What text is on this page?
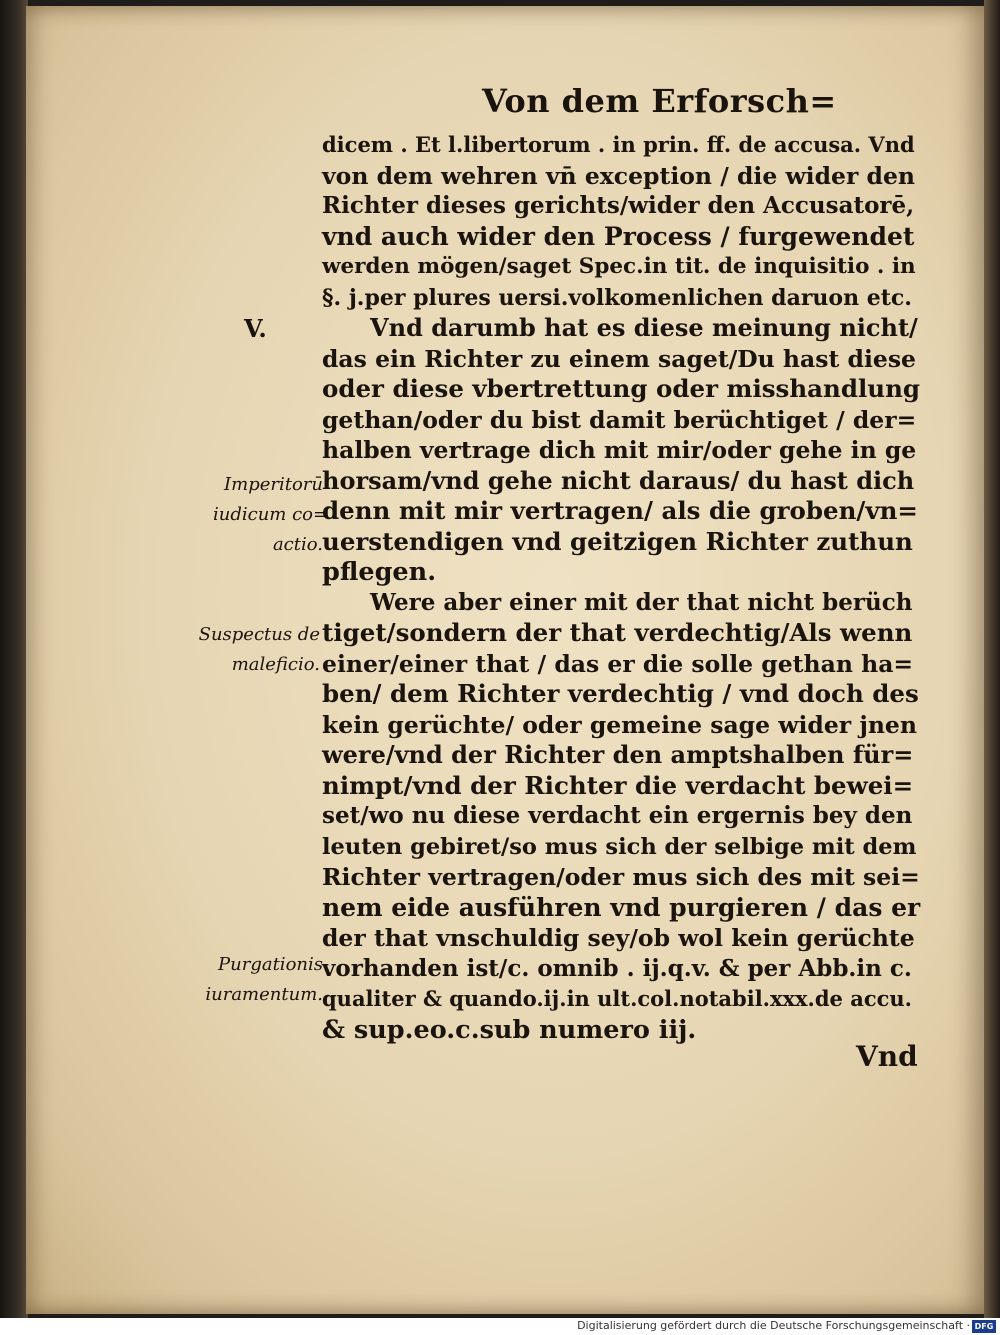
Von dem Erforsch=
dicem . Et l.libertorum . in prin. ff. de accusa. Vnd
von dem wehren vn̄ exception / die wider den
Richter dieses gerichts/wider den Accusatorē,
vnd auch wider den Process / furgewendet
werden mögen/saget Spec.in tit. de inquisitio . in
§. j.per plures uersi.volkomenlichen daruon etc.
Vnd darumb hat es diese meinung nicht/
das ein Richter zu einem saget/Du hast diese
oder diese vbertrettung oder misshandlung
gethan/oder du bist damit berüchtiget / der=
halben vertrage dich mit mir/oder gehe in ge
horsam/vnd gehe nicht daraus/ du hast dich
denn mit mir vertragen/ als die groben/vn=
uerstendigen vnd geitzigen Richter zuthun
pflegen.
Were aber einer mit der that nicht berüch
tiget/sondern der that verdechtig/Als wenn
einer/einer that / das er die solle gethan ha=
ben/ dem Richter verdechtig / vnd doch des
kein gerüchte/ oder gemeine sage wider jnen
were/vnd der Richter den amptshalben für=
nimpt/vnd der Richter die verdacht bewei=
set/wo nu diese verdacht ein ergernis bey den
leuten gebiret/so mus sich der selbige mit dem
Richter vertragen/oder mus sich des mit sei=
nem eide ausführen vnd purgieren / das er
der that vnschuldig sey/ob wol kein gerüchte
vorhanden ist/c. omnib . ij.q.v. & per Abb.in c.
qualiter & quando.ij.in ult.col.notabil.xxx.de accu.
& sup.eo.c.sub numero iij.
V.
Imperitorū
iudicum co=
actio.
Suspectus de
maleficio.
Purgationis
iuramentum.
Vnd
Digitalisierung gefördert durch die Deutsche Forschungsgemeinschaft · DFG
